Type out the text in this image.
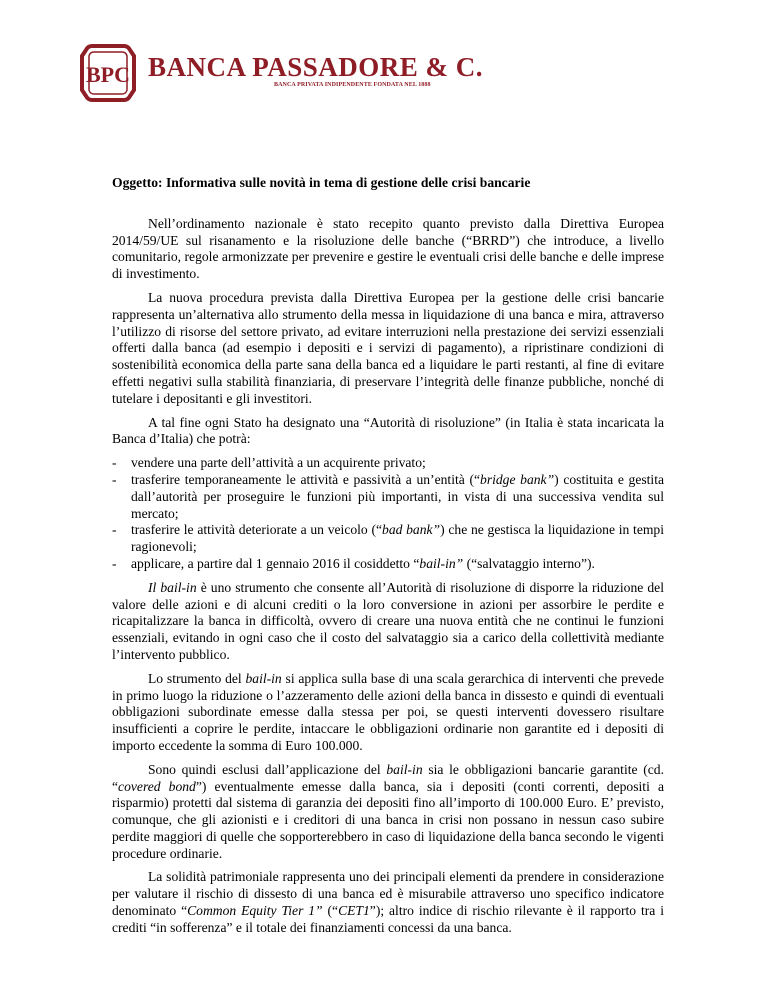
BPC BANCA PASSADORE & C.
BANCA PRIVATA INDIPENDENTE FONDATA NEL 1888
Oggetto: Informativa sulle novità in tema di gestione delle crisi bancarie

Nell’ordinamento nazionale è stato recepito quanto previsto dalla Direttiva Europea 2014/59/UE sul risanamento e la risoluzione delle banche (“BRRD”) che introduce, a livello comunitario, regole armonizzate per prevenire e gestire le eventuali crisi delle banche e delle imprese di investimento.

La nuova procedura prevista dalla Direttiva Europea per la gestione delle crisi bancarie rappresenta un’alternativa allo strumento della messa in liquidazione di una banca e mira, attraverso l’utilizzo di risorse del settore privato, ad evitare interruzioni nella prestazione dei servizi essenziali offerti dalla banca (ad esempio i depositi e i servizi di pagamento), a ripristinare condizioni di sostenibilità economica della parte sana della banca ed a liquidare le parti restanti, al fine di evitare effetti negativi sulla stabilità finanziaria, di preservare l’integrità delle finanze pubbliche, nonché di tutelare i depositanti e gli investitori.

A tal fine ogni Stato ha designato una “Autorità di risoluzione” (in Italia è stata incaricata la Banca d’Italia) che potrà:

- vendere una parte dell’attività a un acquirente privato;
- trasferire temporaneamente le attività e passività a un’entità (“bridge bank”) costituita e gestita dall’autorità per proseguire le funzioni più importanti, in vista di una successiva vendita sul mercato;
- trasferire le attività deteriorate a un veicolo (“bad bank”) che ne gestisca la liquidazione in tempi ragionevoli;
- applicare, a partire dal 1 gennaio 2016 il cosiddetto “bail-in” (“salvataggio interno”).

Il bail-in è uno strumento che consente all’Autorità di risoluzione di disporre la riduzione del valore delle azioni e di alcuni crediti o la loro conversione in azioni per assorbire le perdite e ricapitalizzare la banca in difficoltà, ovvero di creare una nuova entità che ne continui le funzioni essenziali, evitando in ogni caso che il costo del salvataggio sia a carico della collettività mediante l’intervento pubblico.

Lo strumento del bail-in si applica sulla base di una scala gerarchica di interventi che prevede in primo luogo la riduzione o l’azzeramento delle azioni della banca in dissesto e quindi di eventuali obbligazioni subordinate emesse dalla stessa per poi, se questi interventi dovessero risultare insufficienti a coprire le perdite, intaccare le obbligazioni ordinarie non garantite ed i depositi di importo eccedente la somma di Euro 100.000.

Sono quindi esclusi dall’applicazione del bail-in sia le obbligazioni bancarie garantite (cd. “covered bond”) eventualmente emesse dalla banca, sia i depositi (conti correnti, depositi a risparmio) protetti dal sistema di garanzia dei depositi fino all’importo di 100.000 Euro. E’ previsto, comunque, che gli azionisti e i creditori di una banca in crisi non possano in nessun caso subire perdite maggiori di quelle che sopporterebbero in caso di liquidazione della banca secondo le vigenti procedure ordinarie.

La solidità patrimoniale rappresenta uno dei principali elementi da prendere in considerazione per valutare il rischio di dissesto di una banca ed è misurabile attraverso uno specifico indicatore denominato “Common Equity Tier 1” (“CET1”); altro indice di rischio rilevante è il rapporto tra i crediti “in sofferenza” e il totale dei finanziamenti concessi da una banca.
